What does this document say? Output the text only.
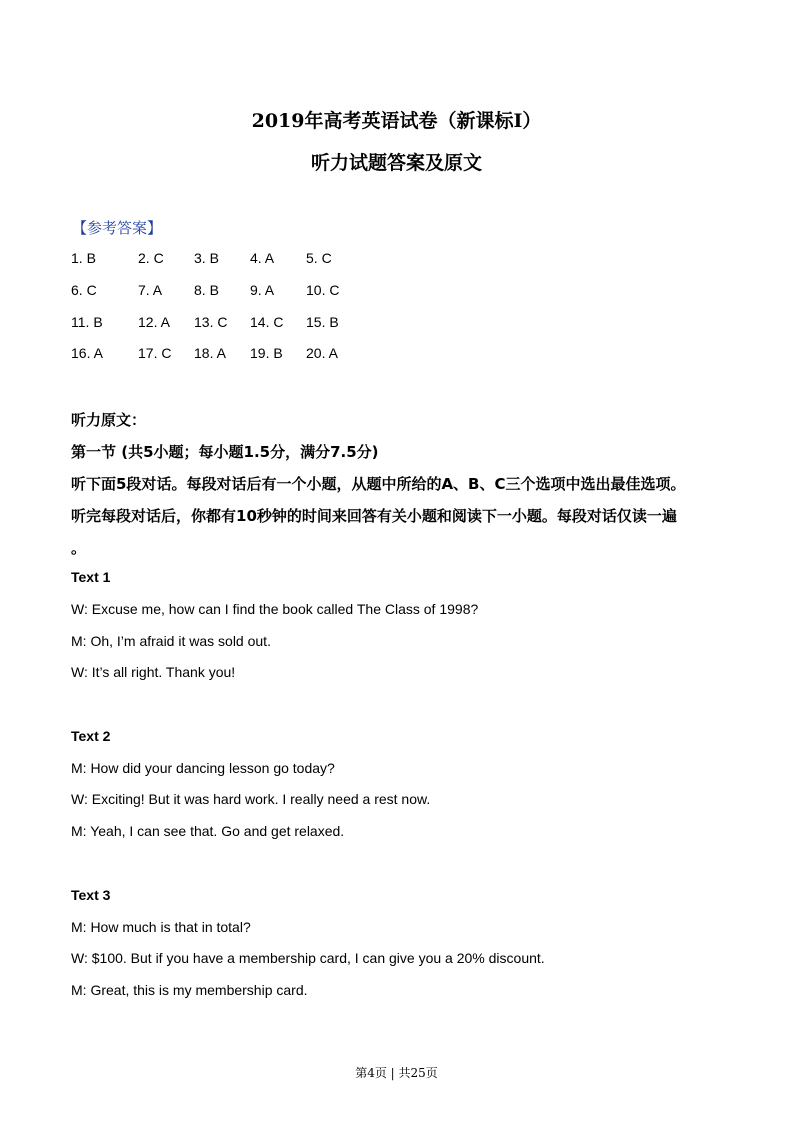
2019年高考英语试卷（新课标Ⅰ）
听力试题答案及原文
【参考答案】
1. B	2. C 3. B 4. A 5. C
6. C	7. A 8. B 9. A 10. C
11. B	12. A 13. C 14. C 15. B
16. A	17. C 18. A 19. B 20. A
听力原文：
第一节 (共5小题；每小题1.5分，满分7.5分)
听下面5段对话。每段对话后有一个小题，从题中所给的A、B、C三个选项中选出最佳选项。
听完每段对话后，你都有10秒钟的时间来回答有关小题和阅读下一小题。每段对话仅读一遍
。
Text 1
W: Excuse me, how can I find the book called The Class of 1998?
M: Oh, I’m afraid it was sold out.
W: It’s all right. Thank you!
Text 2
M: How did your dancing lesson go today?
W: Exciting! But it was hard work. I really need a rest now.
M: Yeah, I can see that. Go and get relaxed.
Text 3
M: How much is that in total?
W: $100. But if you have a membership card, I can give you a 20% discount.
M: Great, this is my membership card.
第4页 | 共25页
